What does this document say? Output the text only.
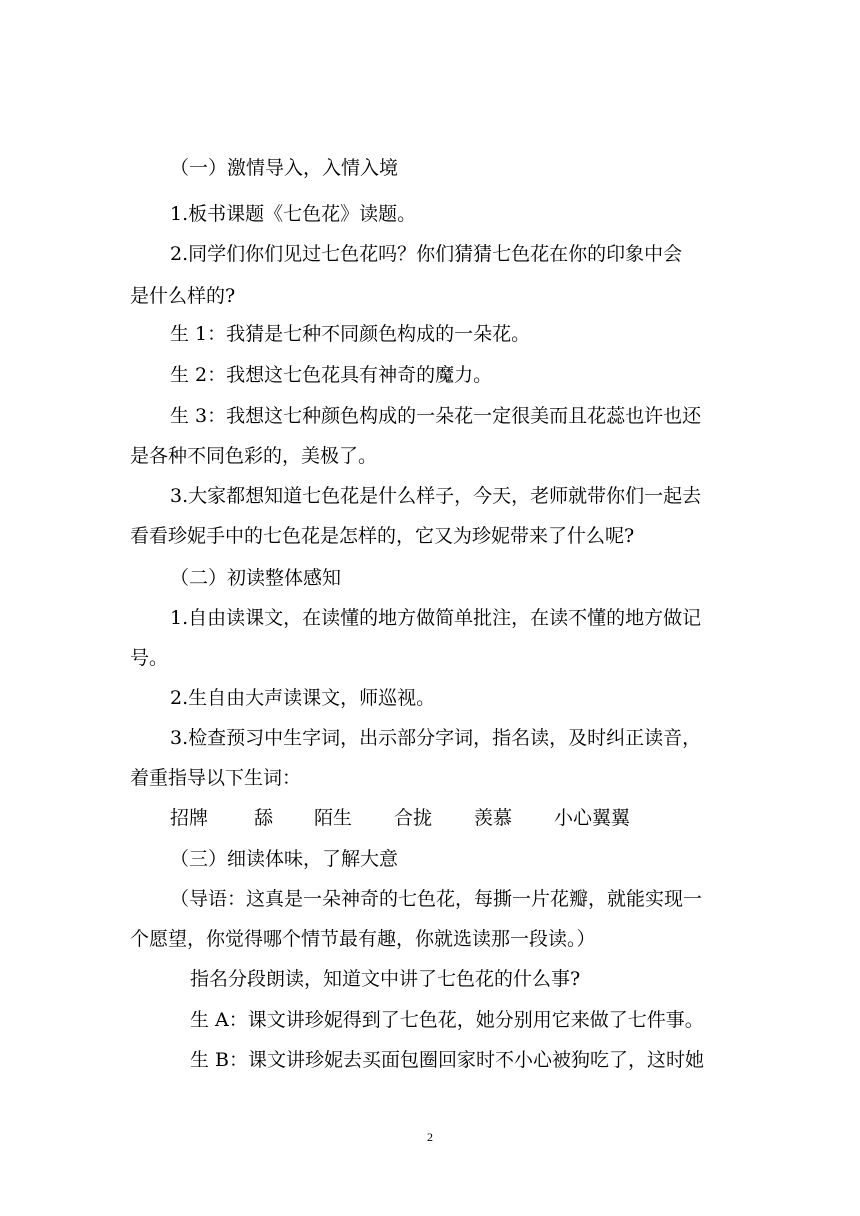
（一）激情导入，入情入境
1.板书课题《七色花》读题。
2.同学们你们见过七色花吗？你们猜猜七色花在你的印象中会
是什么样的?
生 1：我猜是七种不同颜色构成的一朵花。
生 2：我想这七色花具有神奇的魔力。
生 3：我想这七种颜色构成的一朵花一定很美而且花蕊也许也还
是各种不同色彩的，美极了。
3.大家都想知道七色花是什么样子，今天，老师就带你们一起去
看看珍妮手中的七色花是怎样的，它又为珍妮带来了什么呢?
（二）初读整体感知
1.自由读课文，在读懂的地方做简单批注，在读不懂的地方做记
号。
2.生自由大声读课文，师巡视。
3.检查预习中生字词，出示部分字词，指名读，及时纠正读音，
着重指导以下生词：
招牌 舔 陌生 合拢 羡慕 小心翼翼
（三）细读体味，了解大意
（导语：这真是一朵神奇的七色花，每撕一片花瓣，就能实现一
个愿望，你觉得哪个情节最有趣，你就选读那一段读。）
指名分段朗读，知道文中讲了七色花的什么事?
生 A：课文讲珍妮得到了七色花，她分别用它来做了七件事。
生 B：课文讲珍妮去买面包圈回家时不小心被狗吃了，这时她
2
